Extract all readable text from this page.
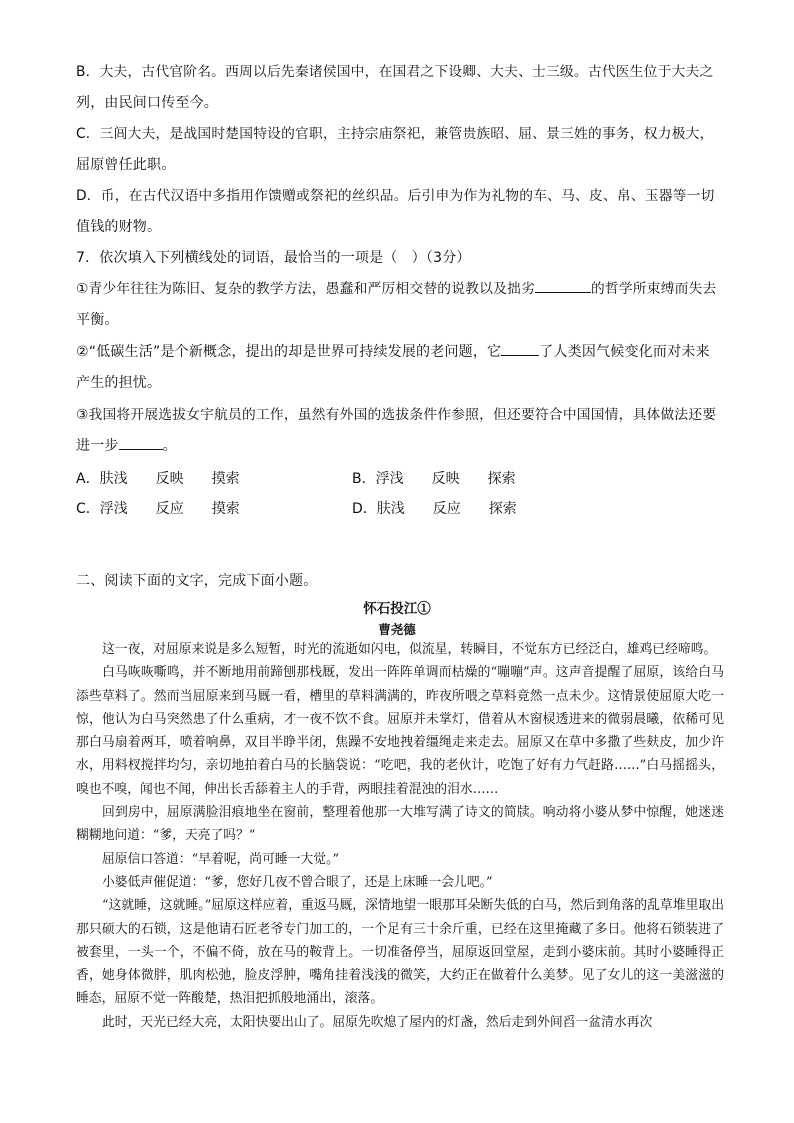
B．大夫，古代官阶名。西周以后先秦诸侯国中，在国君之下设卿、大夫、士三级。古代医生位于大夫之
列，由民间口传至今。
C．三闾大夫，是战国时楚国特设的官职，主持宗庙祭祀，兼管贵族昭、屈、景三姓的事务，权力极大，
屈原曾任此职。
D．币，在古代汉语中多指用作馈赠或祭祀的丝织品。后引申为作为礼物的车、马、皮、帛、玉器等一切
值钱的财物。
7．依次填入下列横线处的词语，最恰当的一项是（　）（3分）
①青少年往往为陈旧、复杂的教学方法，愚蠢和严厉相交替的说教以及拙劣	的哲学所束缚而失去
平衡。
②“低碳生活”是个新概念，提出的却是世界可持续发展的老问题，它	了人类因气候变化而对未来
产生的担忧。
③我国将开展选拔女宇航员的工作，虽然有外国的选拔条件作参照，但还要符合中国国情，具体做法还要
进一步	。
A．肤浅 反映 摸索	B．浮浅 反映 探索
C．浮浅 反应 摸索	D．肤浅 反应 探索
二、阅读下面的文字，完成下面小题。
怀石投江①
曹尧德

这一夜，对屈原来说是多么短暂，时光的流逝如闪电，似流星，转瞬目，不觉东方已经泛白，雄鸡已经啼鸣。

白马咴咴嘶鸣，并不断地用前蹄刨那栈厩，发出一阵阵单调而枯燥的“嘣嘣”声。这声音提醒了屈原，该给白马添些草料了。然而当屈原来到马厩一看，槽里的草料满满的，昨夜所喂之草料竟然一点未少。这情景使屈原大吃一惊，他认为白马突然患了什么重病，才一夜不饮不食。屈原并未掌灯，借着从木窗棂透进来的微弱晨曦，依稀可见那白马扇着两耳，喷着响鼻，双目半睁半闭，焦躁不安地拽着缰绳走来走去。屈原又在草中多撒了些麸皮，加少许水，用料杈搅拌均匀，亲切地拍着白马的长脑袋说：“吃吧，我的老伙计，吃饱了好有力气赶路……”白马摇摇头，嗅也不嗅，闻也不闻，伸出长舌舔着主人的手背，两眼挂着混浊的泪水……

回到房中，屈原满脸泪痕地坐在窗前，整理着他那一大堆写满了诗文的简牍。响动将小婆从梦中惊醒，她迷迷糊糊地问道：“爹，天亮了吗？”

屈原信口答道：“早着呢，尚可睡一大觉。”

小婆低声催促道：“爹，您好几夜不曾合眼了，还是上床睡一会儿吧。”

“这就睡，这就睡。”屈原这样应着，重返马厩，深情地望一眼那耳朵断失低的白马，然后到角落的乱草堆里取出那只硕大的石锁，这是他请石匠老爷专门加工的，一个足有三十余斤重，已经在这里掩藏了多日。他将石锁装进了被套里，一头一个，不偏不倚，放在马的鞍背上。一切准备停当，屈原返回堂屋，走到小婆床前。其时小婆睡得正香，她身体微胖，肌肉松弛，脸皮浮肿，嘴角挂着浅浅的微笑，大约正在做着什么美梦。见了女儿的这一美滋滋的睡态，屈原不觉一阵酸楚，热泪把抓般地涌出，滚落。

此时，天光已经大亮，太阳快要出山了。屈原先吹熄了屋内的灯盏，然后走到外间舀一盆清水再次
